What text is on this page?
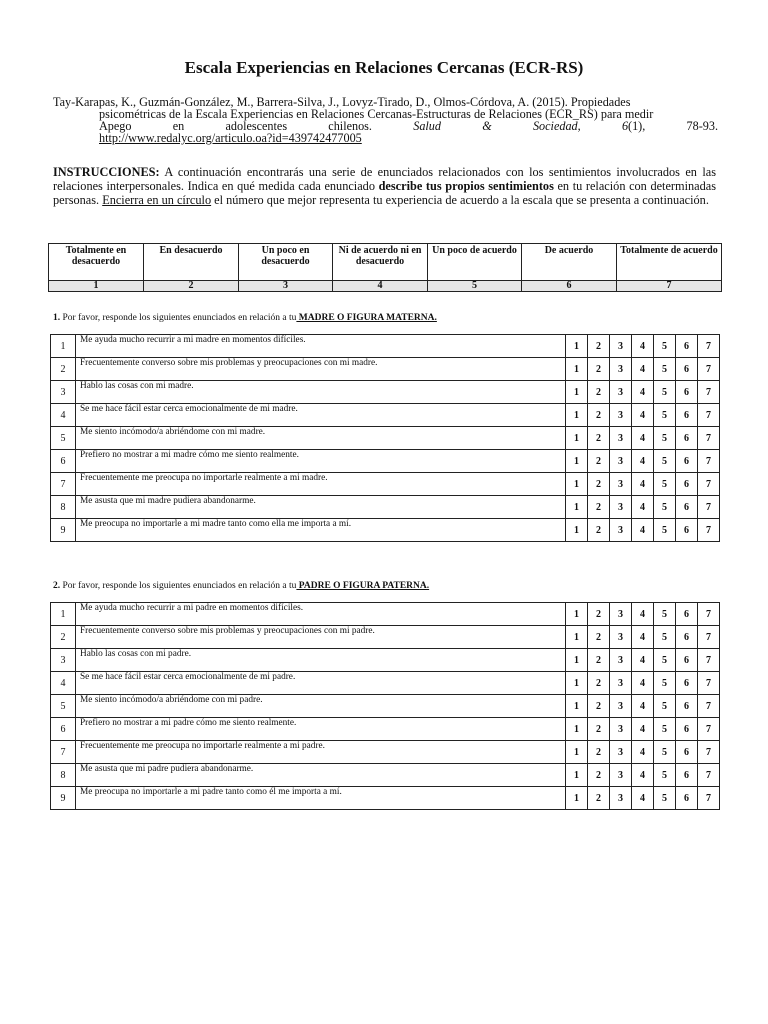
Escala Experiencias en Relaciones Cercanas (ECR-RS)
Tay-Karapas, K., Guzmán-González, M., Barrera-Silva, J., Lovyz-Tirado, D., Olmos-Córdova, A. (2015). Propiedades
psicométricas de la Escala Experiencias en Relaciones Cercanas-Estructuras de Relaciones (ECR_RS) para medir
Apego en adolescentes chilenos.	Salud & Sociedad,	6(1), 78-93.
http://www.redalyc.org/articulo.oa?id=439742477005
INSTRUCCIONES: A continuación encontrarás una serie de enunciados relacionados con los sentimientos involucrados en las relaciones interpersonales. Indica en qué medida cada enunciado describe tus propios sentimientos en tu relación con determinadas personas. Encierra en un círculo el número que mejor representa tu experiencia de acuerdo a la escala que se presenta a continuación.
Totalmente en desacuerdo	En desacuerdo	Un poco en desacuerdo	Ni de acuerdo ni en desacuerdo	Un poco de acuerdo	De acuerdo	Totalmente de acuerdo
1	2	3	4	5	6	7
1. Por favor, responde los siguientes enunciados en relación a tu MADRE O FIGURA MATERNA.
1	Me ayuda mucho recurrir a mi madre en momentos difíciles.	1	2	3	4	5	6	7
2	Frecuentemente converso sobre mis problemas y preocupaciones con mi madre.	1	2	3	4	5	6	7
3	Hablo las cosas con mi madre.	1	2	3	4	5	6	7
4	Se me hace fácil estar cerca emocionalmente de mi madre.	1	2	3	4	5	6	7
5	Me siento incómodo/a abriéndome con mi madre.	1	2	3	4	5	6	7
6	Prefiero no mostrar a mi madre cómo me siento realmente.	1	2	3	4	5	6	7
7	Frecuentemente me preocupa no importarle realmente a mi madre.	1	2	3	4	5	6	7
8	Me asusta que mi madre pudiera abandonarme.	1	2	3	4	5	6	7
9	Me preocupa no importarle a mi madre tanto como ella me importa a mí.	1	2	3	4	5	6	7
2. Por favor, responde los siguientes enunciados en relación a tu PADRE O FIGURA PATERNA.
1	Me ayuda mucho recurrir a mi padre en momentos difíciles.	1	2	3	4	5	6	7
2	Frecuentemente converso sobre mis problemas y preocupaciones con mi padre.	1	2	3	4	5	6	7
3	Hablo las cosas con mi padre.	1	2	3	4	5	6	7
4	Se me hace fácil estar cerca emocionalmente de mi padre.	1	2	3	4	5	6	7
5	Me siento incómodo/a abriéndome con mi padre.	1	2	3	4	5	6	7
6	Prefiero no mostrar a mi padre cómo me siento realmente.	1	2	3	4	5	6	7
7	Frecuentemente me preocupa no importarle realmente a mi padre.	1	2	3	4	5	6	7
8	Me asusta que mi padre pudiera abandonarme.	1	2	3	4	5	6	7
9	Me preocupa no importarle a mi padre tanto como él me importa a mí.	1	2	3	4	5	6	7
